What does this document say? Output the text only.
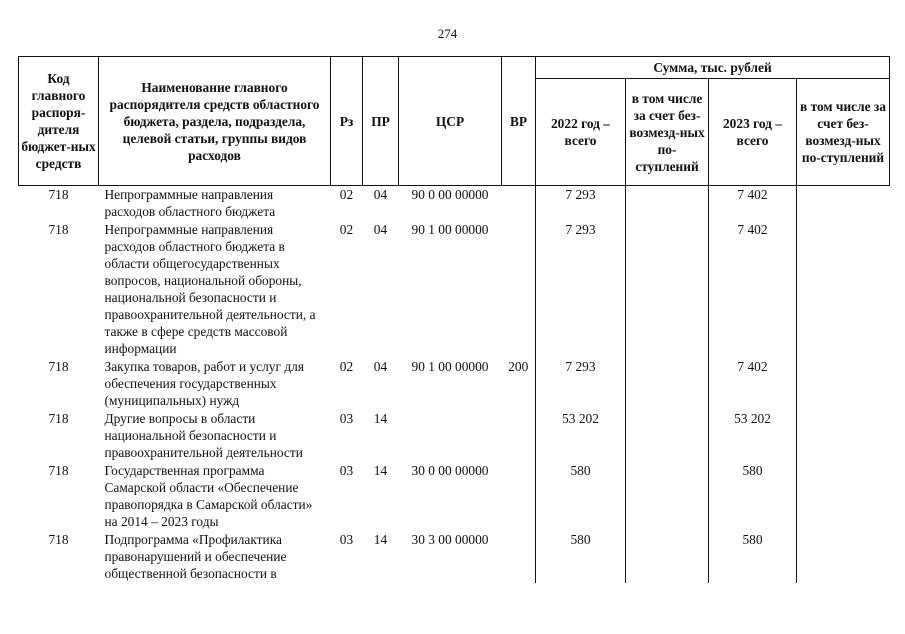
274
Код главного распоря-дителя бюджет-ных средств	Наименование главного распорядителя средств областного бюджета, раздела, подраздела, целевой статьи, группы видов расходов	Рз	ПР	ЦСР	ВР	Сумма, тыс. рублей			
						2022 год – всего	в том числе за счет без-возмезд-ных по-ступлений	2023 год – всего	в том числе за счет без-возмезд-ных по-ступлений
718	Непрограммные направления расходов областного бюджета	02	04	90 0 00 00000		7 293		7 402	
718	Непрограммные направления расходов областного бюджета в области общегосударственных вопросов, национальной обороны, национальной безопасности и правоохранительной деятельности, а также в сфере средств массовой информации	02	04	90 1 00 00000		7 293		7 402	
718	Закупка товаров, работ и услуг для обеспечения государственных (муниципальных) нужд	02	04	90 1 00 00000	200	7 293		7 402	
718	Другие вопросы в области национальной безопасности и правоохранительной деятельности	03	14			53 202		53 202	
718	Государственная программа Самарской области «Обеспечение правопорядка в Самарской области» на 2014 – 2023 годы	03	14	30 0 00 00000		580		580	
718	Подпрограмма «Профилактика правонарушений и обеспечение общественной безопасности в	03	14	30 3 00 00000		580		580	
